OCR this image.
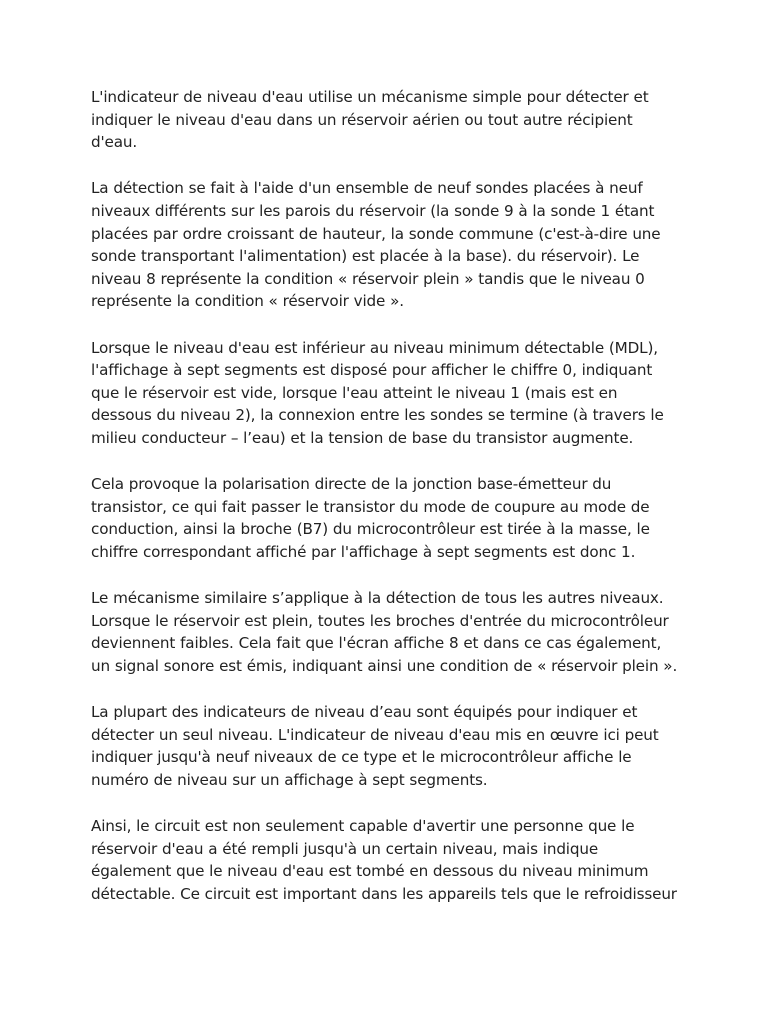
L'indicateur de niveau d'eau utilise un mécanisme simple pour détecter et indiquer le niveau d'eau dans un réservoir aérien ou tout autre récipient d'eau.

La détection se fait à l'aide d'un ensemble de neuf sondes placées à neuf niveaux différents sur les parois du réservoir (la sonde 9 à la sonde 1 étant placées par ordre croissant de hauteur, la sonde commune (c'est-à-dire une sonde transportant l'alimentation) est placée à la base). du réservoir). Le niveau 8 représente la condition « réservoir plein » tandis que le niveau 0 représente la condition « réservoir vide ».

Lorsque le niveau d'eau est inférieur au niveau minimum détectable (MDL), l'affichage à sept segments est disposé pour afficher le chiffre 0, indiquant que le réservoir est vide, lorsque l'eau atteint le niveau 1 (mais est en dessous du niveau 2), la connexion entre les sondes se termine (à travers le milieu conducteur – l’eau) et la tension de base du transistor augmente.

Cela provoque la polarisation directe de la jonction base-émetteur du transistor, ce qui fait passer le transistor du mode de coupure au mode de conduction, ainsi la broche (B7) du microcontrôleur est tirée à la masse, le chiffre correspondant affiché par l'affichage à sept segments est donc 1.

Le mécanisme similaire s’applique à la détection de tous les autres niveaux. Lorsque le réservoir est plein, toutes les broches d'entrée du microcontrôleur deviennent faibles. Cela fait que l'écran affiche 8 et dans ce cas également, un signal sonore est émis, indiquant ainsi une condition de « réservoir plein ».

La plupart des indicateurs de niveau d’eau sont équipés pour indiquer et détecter un seul niveau. L'indicateur de niveau d'eau mis en œuvre ici peut indiquer jusqu'à neuf niveaux de ce type et le microcontrôleur affiche le numéro de niveau sur un affichage à sept segments.

Ainsi, le circuit est non seulement capable d'avertir une personne que le réservoir d'eau a été rempli jusqu'à un certain niveau, mais indique également que le niveau d'eau est tombé en dessous du niveau minimum détectable. Ce circuit est important dans les appareils tels que le refroidisseur
